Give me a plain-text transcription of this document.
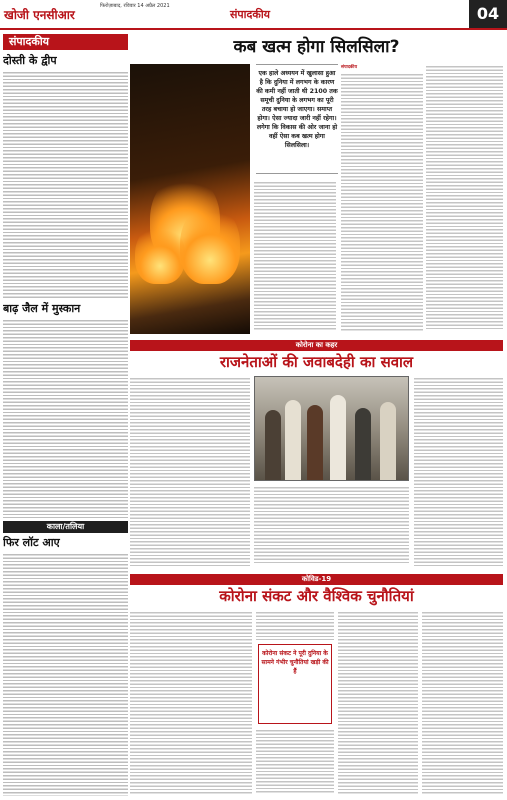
खोजी एनसीआर
फिरोज़ाबाद, रविवार 14 अप्रैल 2021
संपादकीय	04
संपादकीय
दोस्ती के द्वीप
बाढ़ जैल में मुस्कान
काला/तलिया
फिर लॉट आए
कब खत्म होगा सिलसिला?
एक हाले अध्ययन में खुलासा हुआ है कि दुनिया में लगभग के कारण की कमी नहीं जाती थी 2100 तक समूची दुनिया के लगभग का पूरी तरह बचाया हो जाएगा। समाप्त होगा। ऐसा ज्यादा जारी नहीं रहेगा। लगेगा कि विकास की ओर जाना हो वहीं ऐसा कब खत्म होगा सिलसिला।
संपादकीय
कोरोना का कहर
राजनेताओं की जवाबदेही का सवाल
कोविड-19
कोरोना संकट और वैश्विक चुनौतियां
कोरोना संकट ने पूरी दुनिया के सामने गंभीर चुनौतियां खड़ी की हैं
